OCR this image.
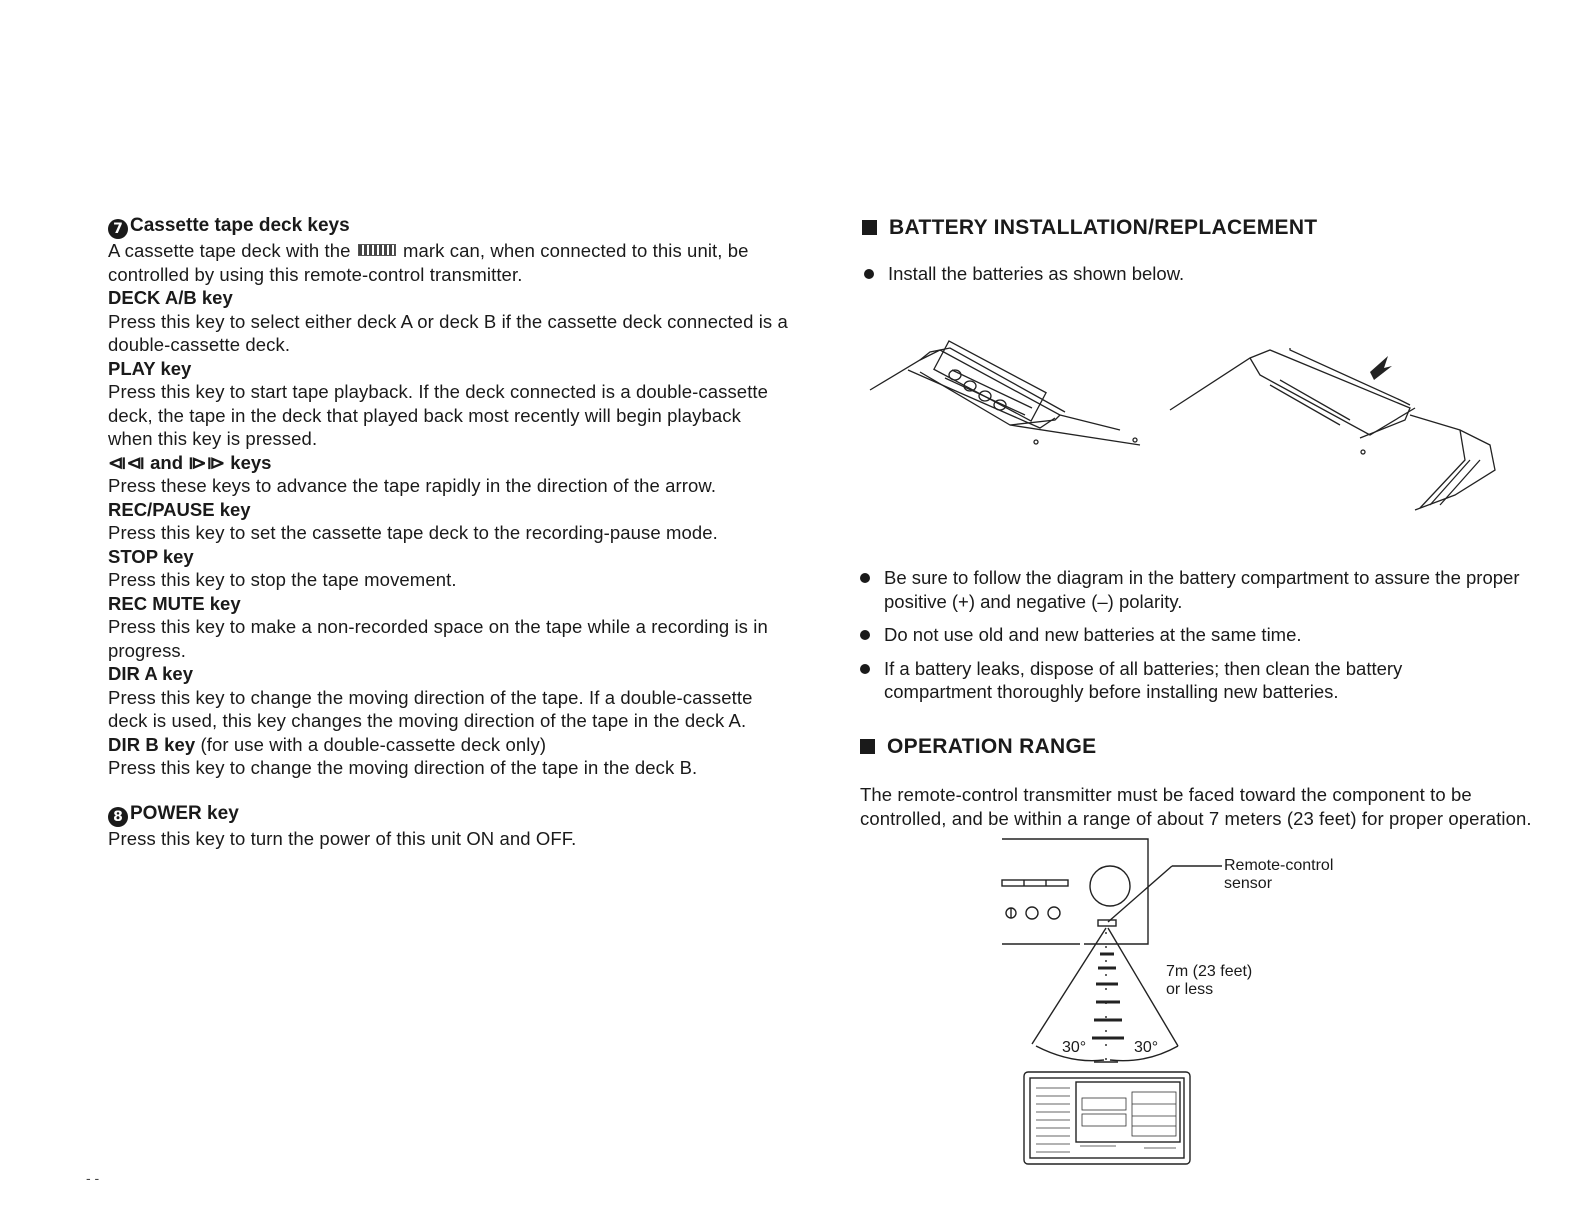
7 Cassette tape deck keys

A cassette tape deck with the	mark can, when connected to this unit, be controlled by using this remote-control transmitter.

DECK A/B key

Press this key to select either deck A or deck B if the cassette deck connected is a double-cassette deck.

PLAY key

Press this key to start tape playback. If the deck connected is a double-cassette deck, the tape in the deck that played back most recently will begin playback when this key is pressed.

⧏⧏ and ⧐⧐ keys

Press these keys to advance the tape rapidly in the direction of the arrow.

REC/PAUSE key

Press this key to set the cassette tape deck to the recording-pause mode.

STOP key

Press this key to stop the tape movement.

REC MUTE key

Press this key to make a non-recorded space on the tape while a recording is in progress.

DIR A key

Press this key to change the moving direction of the tape. If a double-cassette deck is used, this key changes the moving direction of the tape in the deck A.

DIR B key (for use with a double-cassette deck only)

Press this key to change the moving direction of the tape in the deck B.

8 POWER key

Press this key to turn the power of this unit ON and OFF.

BATTERY INSTALLATION/REPLACEMENT

Install the batteries as shown below.
Be sure to follow the diagram in the battery compartment to assure the proper positive (+) and negative (–) polarity.
Do not use old and new batteries at the same time.
If a battery leaks, dispose of all batteries; then clean the battery compartment thoroughly before installing new batteries.

OPERATION RANGE

The remote-control transmitter must be faced toward the component to be controlled, and be within a range of about 7 meters (23 feet) for proper operation.

Remote-control
sensor
7m (23 feet)
or less
30°	30°
- -
